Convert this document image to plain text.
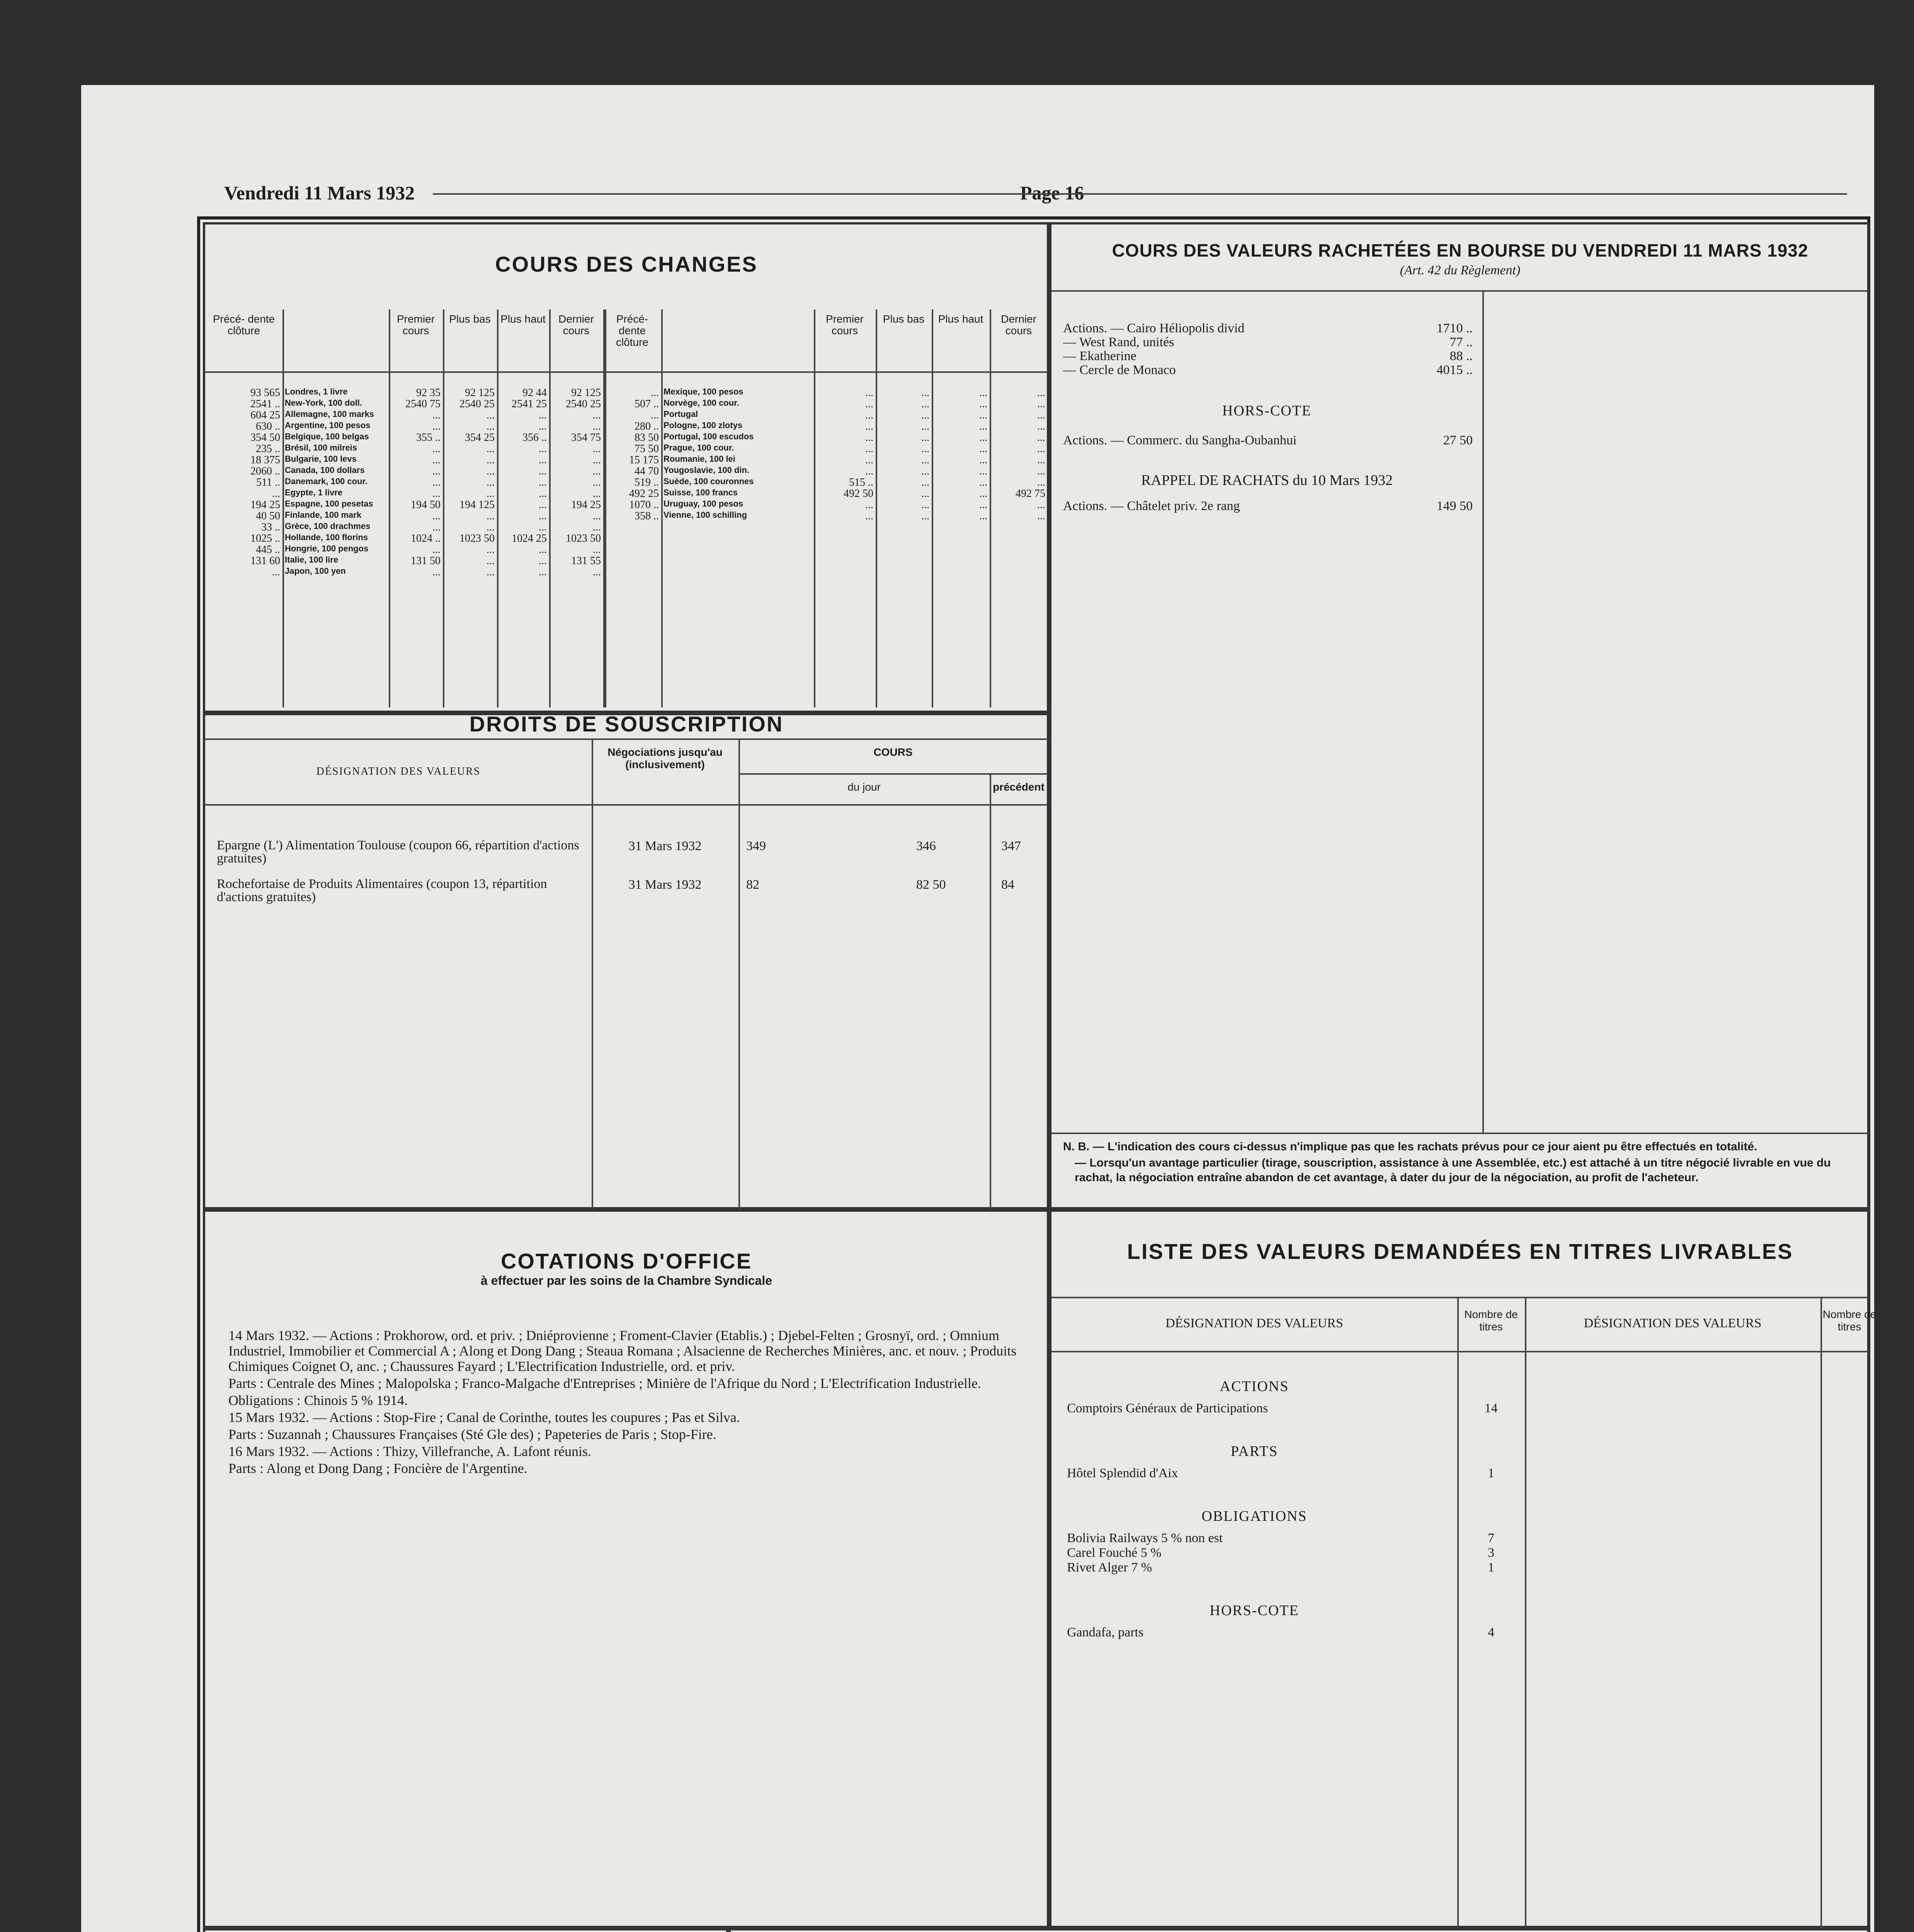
Vendredi 11 Mars 1932	Page 16
COURS DES CHANGES
Précé- dente clôture
Premier cours
Plus bas Plus haut	Dernier cours
Précé- dente clôture
Premier cours
Plus bas	Plus haut	Dernier cours
93 565 Londres, 1 livre	92 35	92 125	92 44	92 125
2541 .. New-York, 100 doll.	2540 75	2540 25	2541 25	2540 25
604 25 Allemagne, 100 marks	...	...	...	...
630 .. Argentine, 100 pesos	...	...	...	...
354 50 Belgique, 100 belgas	355 ..	354 25	356 ..	354 75
235 .. Brésil, 100 milreis	...	...	...	...
18 375 Bulgarie, 100 levs	...	...	...	...
2060 .. Canada, 100 dollars	...	...	...	...
511 .. Danemark, 100 cour.	...	...	...	...
... Egypte, 1 livre	...	...	...	...
194 25 Espagne, 100 pesetas	194 50	194 125	...	194 25
40 50 Finlande, 100 mark	...	...	...	...
33 .. Grèce, 100 drachmes	...	...	...	...
1025 .. Hollande, 100 florins	1024 ..	1023 50	1024 25	1023 50
445 .. Hongrie, 100 pengos	...	...	...	...
131 60 Italie, 100 lire	131 50	...	...	131 55
... Japon, 100 yen	...	...	...	...
... Mexique, 100 pesos	...	...	...	...
507 .. Norvège, 100 cour.	...	...	...	...
... Portugal	...	...	...	...
280 .. Pologne, 100 zlotys	...	...	...	...
83 50 Portugal, 100 escudos	...	...	...	...
75 50 Prague, 100 cour.	...	...	...	...
15 175 Roumanie, 100 lei	...	...	...	...
44 70 Yougoslavie, 100 din.	...	...	...	...
519 .. Suède, 100 couronnes	515 ..	...	...	...
492 25 Suisse, 100 francs	492 50	...	...	492 75
1070 .. Uruguay, 100 pesos	...	...	...	...
358 .. Vienne, 100 schilling	...	...	...	...
DROITS DE SOUSCRIPTION
DÉSIGNATION DES VALEURS
Négociations jusqu'au (inclusivement)
COURS
du jour	précédent
Epargne (L') Alimentation Toulouse (coupon 66, répartition d'actions gratuites)
31 Mars 1932	349	346	347
Rochefortaise de Produits Alimentaires (coupon 13, répartition d'actions gratuites)
31 Mars 1932	82	82 50	84
COURS DES VALEURS RACHETÉES EN BOURSE DU VENDREDI 11 MARS 1932
(Art. 42 du Règlement)
Actions. — Cairo Héliopolis divid	1710 ..
— West Rand, unités	77 ..
— Ekatherine	88 ..
— Cercle de Monaco	4015 ..
HORS-COTE
Actions. — Commerc. du Sangha-Oubanhui	27 50
RAPPEL DE RACHATS du 10 Mars 1932
Actions. — Châtelet priv. 2e rang	149 50
N. B. — L'indication des cours ci-dessus n'implique pas que les rachats prévus pour ce jour aient pu être effectués en totalité.
— Lorsqu'un avantage particulier (tirage, souscription, assistance à une Assemblée, etc.) est attaché à un titre négocié livrable en vue du rachat, la négociation entraîne abandon de cet avantage, à dater du jour de la négociation, au profit de l'acheteur.
COTATIONS D'OFFICE
à effectuer par les soins de la Chambre Syndicale
14 Mars 1932. — Actions : Prokhorow, ord. et priv. ; Dniéprovienne ; Froment-Clavier (Etablis.) ; Djebel-Felten ; Grosnyï, ord. ; Omnium Industriel, Immobilier et Commercial A ; Along et Dong Dang ; Steaua Romana ; Alsacienne de Recherches Minières, anc. et nouv. ; Produits Chimiques Coignet O, anc. ; Chaussures Fayard ; L'Electrification Industrielle, ord. et priv.
Parts : Centrale des Mines ; Malopolska ; Franco-Malgache d'Entreprises ; Minière de l'Afrique du Nord ; L'Electrification Industrielle.
Obligations : Chinois 5 % 1914.
15 Mars 1932. — Actions : Stop-Fire ; Canal de Corinthe, toutes les coupures ; Pas et Silva.
Parts : Suzannah ; Chaussures Françaises (Sté Gle des) ; Papeteries de Paris ; Stop-Fire.
16 Mars 1932. — Actions : Thizy, Villefranche, A. Lafont réunis.
Parts : Along et Dong Dang ; Foncière de l'Argentine.
LISTE DES VALEURS DEMANDÉES EN TITRES LIVRABLES
DÉSIGNATION DES VALEURS
Nombre de titres	DÉSIGNATION DES VALEURS
Nombre de titres
ACTIONS
Comptoirs Généraux de Participations	14
PARTS
Hôtel Splendid d'Aix	1
OBLIGATIONS
Bolivia Railways 5 % non est	7
Carel Fouché 5 %	3
Rivet Alger 7 %	1
HORS-COTE
Gandafa, parts	4
